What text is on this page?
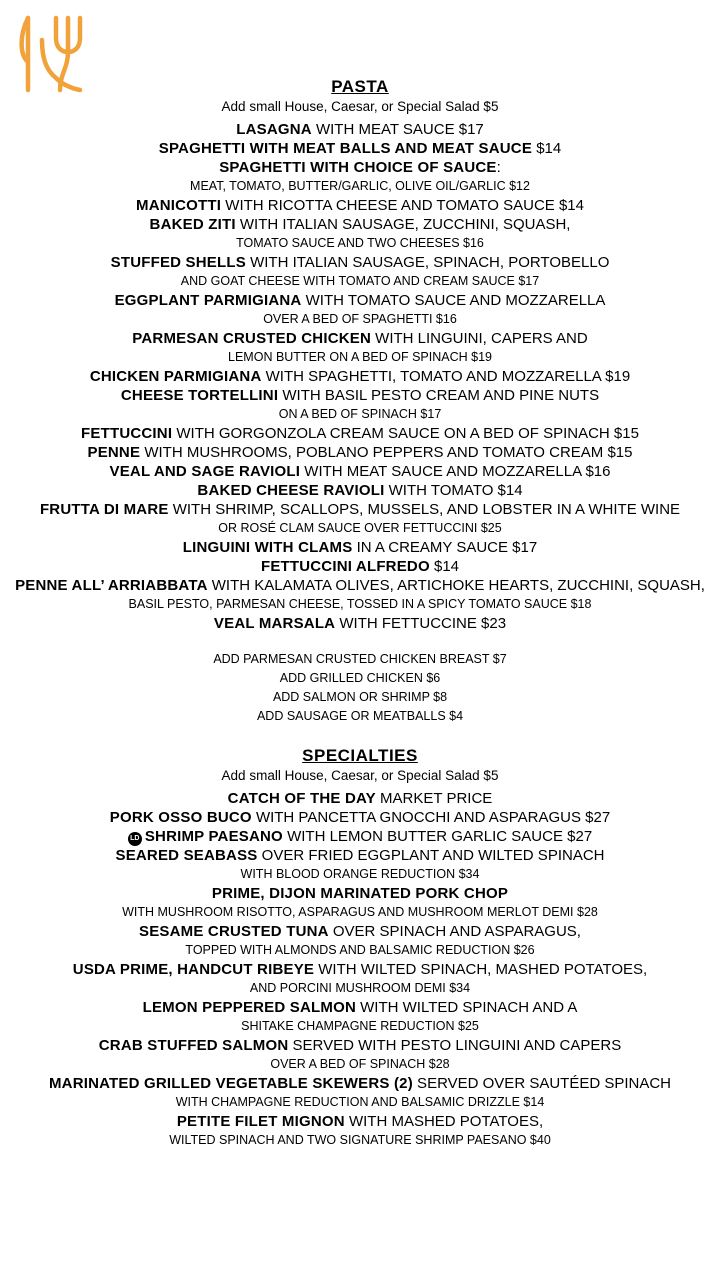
PASTA
Add small House, Caesar, or Special Salad $5
LASAGNA WITH MEAT SAUCE $17
SPAGHETTI WITH MEAT BALLS AND MEAT SAUCE $14
SPAGHETTI WITH CHOICE OF SAUCE:
MEAT, TOMATO, BUTTER/GARLIC, OLIVE OIL/GARLIC $12
MANICOTTI WITH RICOTTA CHEESE AND TOMATO SAUCE $14
BAKED ZITI WITH ITALIAN SAUSAGE, ZUCCHINI, SQUASH,
TOMATO SAUCE AND TWO CHEESES $16
STUFFED SHELLS WITH ITALIAN SAUSAGE, SPINACH, PORTOBELLO
AND GOAT CHEESE WITH TOMATO AND CREAM SAUCE $17
EGGPLANT PARMIGIANA WITH TOMATO SAUCE AND MOZZARELLA
OVER A BED OF SPAGHETTI $16
PARMESAN CRUSTED CHICKEN WITH LINGUINI, CAPERS AND
LEMON BUTTER ON A BED OF SPINACH $19
CHICKEN PARMIGIANA WITH SPAGHETTI, TOMATO AND MOZZARELLA $19
CHEESE TORTELLINI WITH BASIL PESTO CREAM AND PINE NUTS
ON A BED OF SPINACH $17
FETTUCCINI WITH GORGONZOLA CREAM SAUCE ON A BED OF SPINACH $15
PENNE WITH MUSHROOMS, POBLANO PEPPERS AND TOMATO CREAM $15
VEAL AND SAGE RAVIOLI WITH MEAT SAUCE AND MOZZARELLA $16
BAKED CHEESE RAVIOLI WITH TOMATO $14
FRUTTA DI MARE WITH SHRIMP, SCALLOPS, MUSSELS, AND LOBSTER IN A WHITE WINE
OR ROSÉ CLAM SAUCE OVER FETTUCCINI $25
LINGUINI WITH CLAMS IN A CREAMY SAUCE $17
FETTUCCINI ALFREDO $14
PENNE ALL’ ARRIABBATA WITH KALAMATA OLIVES, ARTICHOKE HEARTS, ZUCCHINI, SQUASH,
BASIL PESTO, PARMESAN CHEESE, TOSSED IN A SPICY TOMATO SAUCE $18
VEAL MARSALA WITH FETTUCCINE $23
ADD PARMESAN CRUSTED CHICKEN BREAST $7
ADD GRILLED CHICKEN $6
ADD SALMON OR SHRIMP $8
ADD SAUSAGE OR MEATBALLS $4
SPECIALTIES
Add small House, Caesar, or Special Salad $5
CATCH OF THE DAY MARKET PRICE
PORK OSSO BUCO WITH PANCETTA GNOCCHI AND ASPARAGUS $27
LD SHRIMP PAESANO WITH LEMON BUTTER GARLIC SAUCE $27
SEARED SEABASS OVER FRIED EGGPLANT AND WILTED SPINACH
WITH BLOOD ORANGE REDUCTION $34
PRIME, DIJON MARINATED PORK CHOP
WITH MUSHROOM RISOTTO, ASPARAGUS AND MUSHROOM MERLOT DEMI $28
SESAME CRUSTED TUNA OVER SPINACH AND ASPARAGUS,
TOPPED WITH ALMONDS AND BALSAMIC REDUCTION $26
USDA PRIME, HANDCUT RIBEYE WITH WILTED SPINACH, MASHED POTATOES,
AND PORCINI MUSHROOM DEMI $34
LEMON PEPPERED SALMON WITH WILTED SPINACH AND A
SHITAKE CHAMPAGNE REDUCTION $25
CRAB STUFFED SALMON SERVED WITH PESTO LINGUINI AND CAPERS
OVER A BED OF SPINACH $28
MARINATED GRILLED VEGETABLE SKEWERS (2) SERVED OVER SAUTÉED SPINACH
WITH CHAMPAGNE REDUCTION AND BALSAMIC DRIZZLE $14
PETITE FILET MIGNON WITH MASHED POTATOES,
WILTED SPINACH AND TWO SIGNATURE SHRIMP PAESANO $40
